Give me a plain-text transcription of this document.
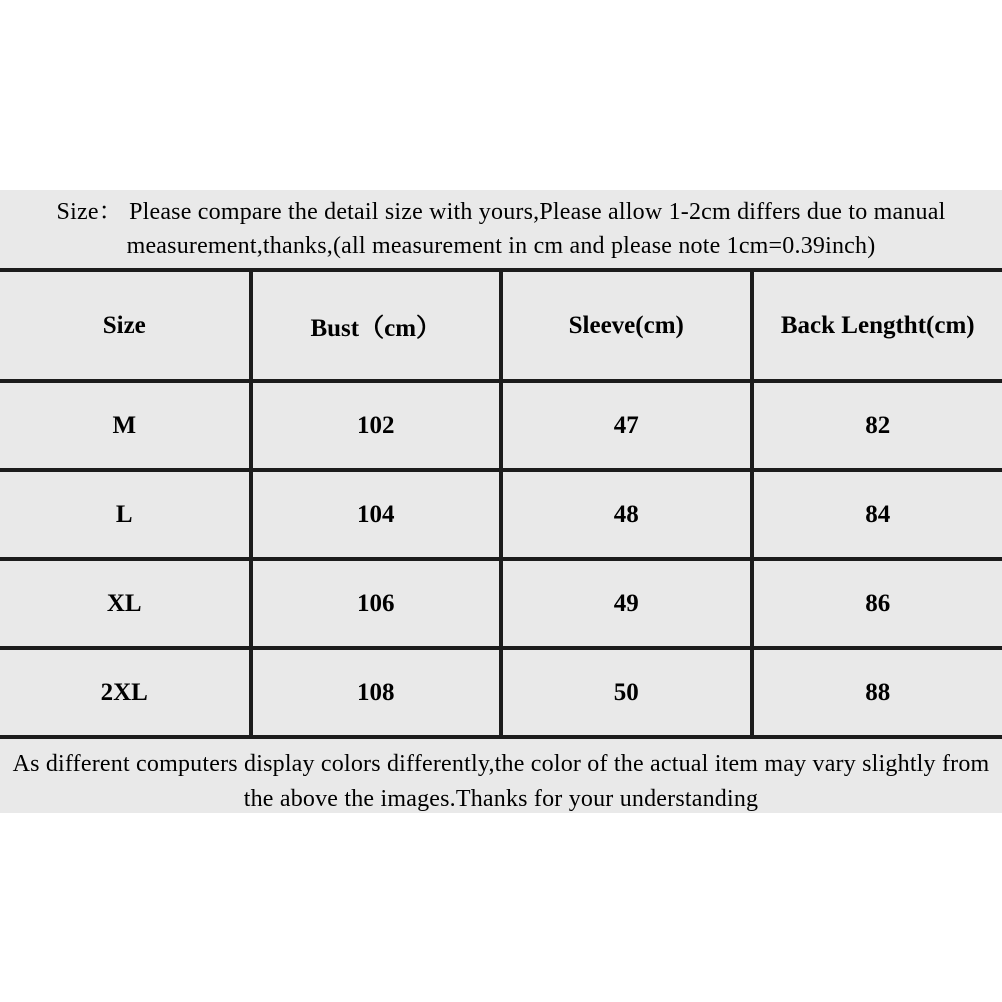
Size： Please compare the detail size with yours,Please allow 1-2cm differs due to manual
measurement,thanks,(all measurement in cm and please note 1cm=0.39inch)
Size	Bust（cm）	Sleeve(cm)	Back Lengtht(cm)
M	102	47	82
L	104	48	84
XL	106	49	86
2XL	108	50	88
As different computers display colors differently,the color of the actual item may vary slightly from
the above the images.Thanks for your understanding
